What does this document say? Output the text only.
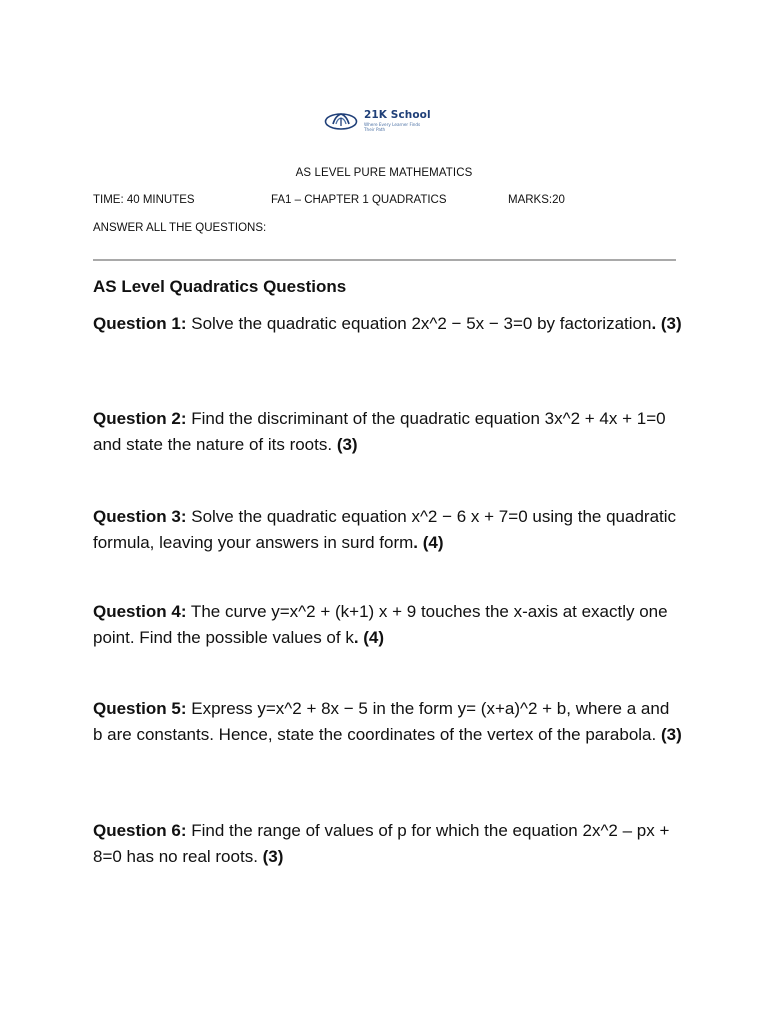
21K School
Where Every Learner Finds Their Path
AS LEVEL PURE MATHEMATICS
TIME: 40 MINUTES	FA1 – CHAPTER 1 QUADRATICS	MARKS:20
ANSWER ALL THE QUESTIONS:
AS Level Quadratics Questions
Question 1: Solve the quadratic equation 2x^2 − 5x − 3=0 by factorization. (3)
Question 2: Find the discriminant of the quadratic equation 3x^2 + 4x + 1=0 and state the nature of its roots. (3)
Question 3: Solve the quadratic equation x^2 − 6 x + 7=0 using the quadratic formula, leaving your answers in surd form. (4)
Question 4: The curve y=x^2 + (k+1) x + 9 touches the x-axis at exactly one point. Find the possible values of k. (4)
Question 5: Express y=x^2 + 8x − 5 in the form y= (x+a)^2 + b, where a and b are constants. Hence, state the coordinates of the vertex of the parabola. (3)
Question 6: Find the range of values of p for which the equation 2x^2 – px + 8=0 has no real roots. (3)
